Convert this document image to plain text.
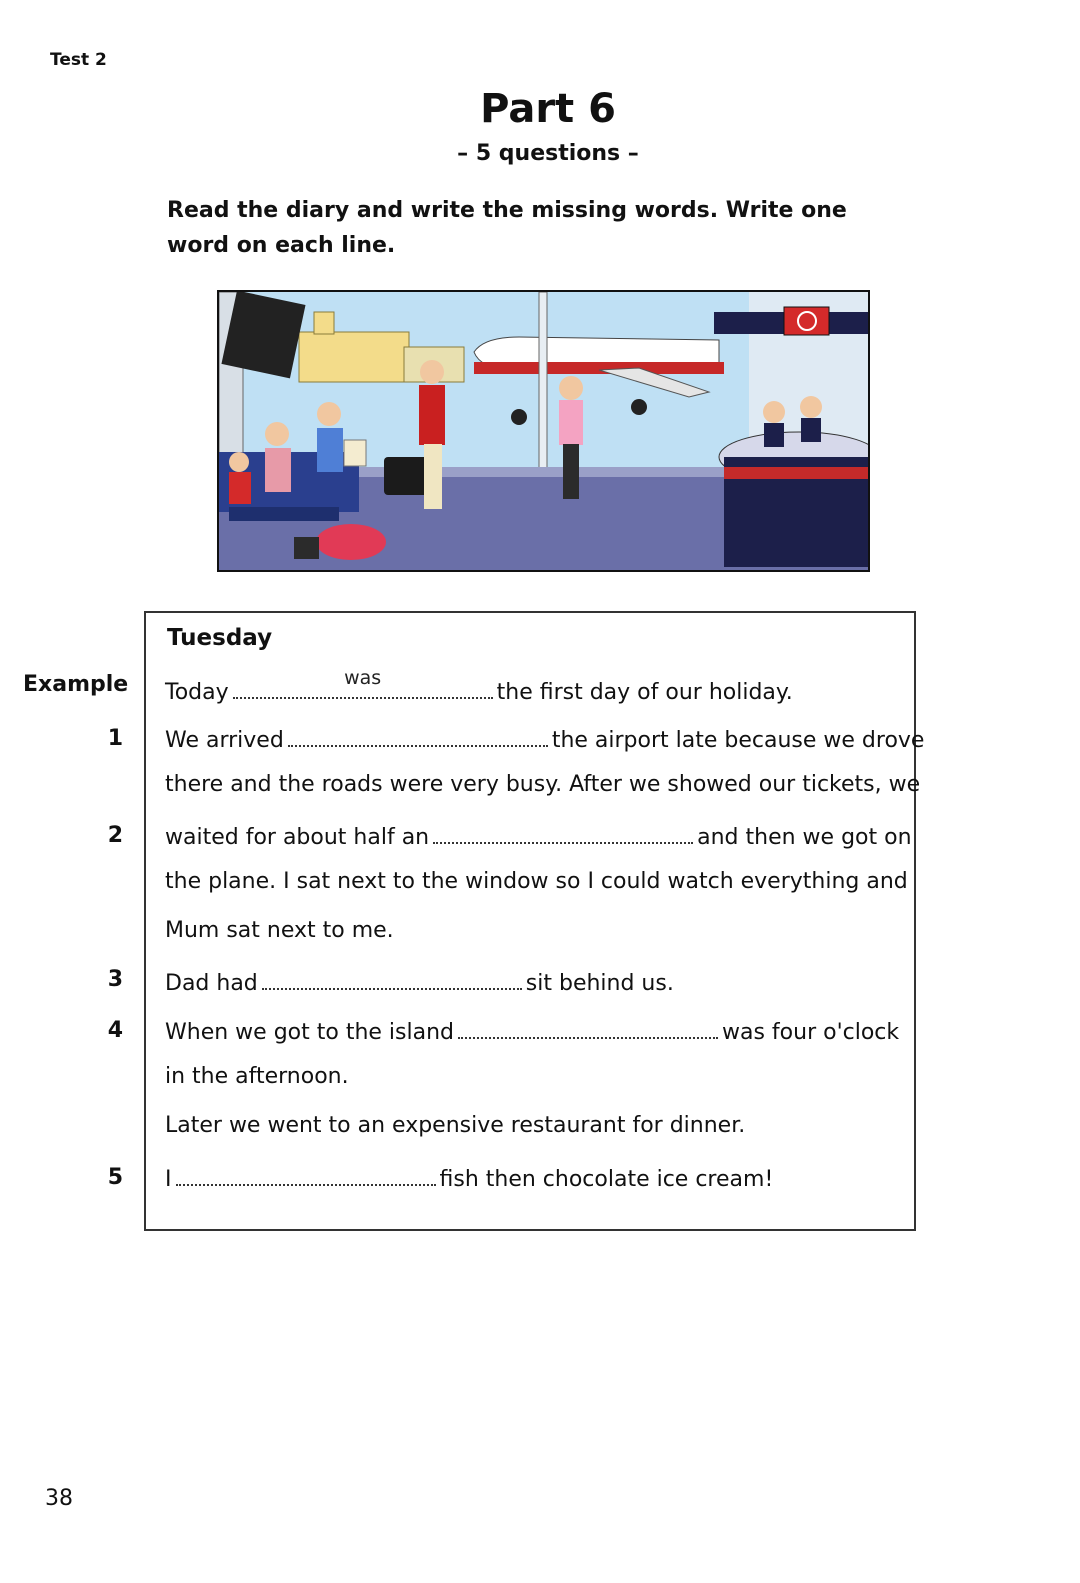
Test 2
Part 6
– 5 questions –
Read the diary and write the missing words. Write one word on each line.
Tuesday
Example Today
was
the first day of our holiday.
1 We arrived	the airport late because we drove
there and the roads were very busy. After we showed our tickets, we
2 waited for about half an	and then we got on
the plane. I sat next to the window so I could watch everything and
Mum sat next to me.
3 Dad had	sit behind us.
4 When we got to the island	was four o'clock
in the afternoon.
Later we went to an expensive restaurant for dinner.
5 I	fish then chocolate ice cream!
38
